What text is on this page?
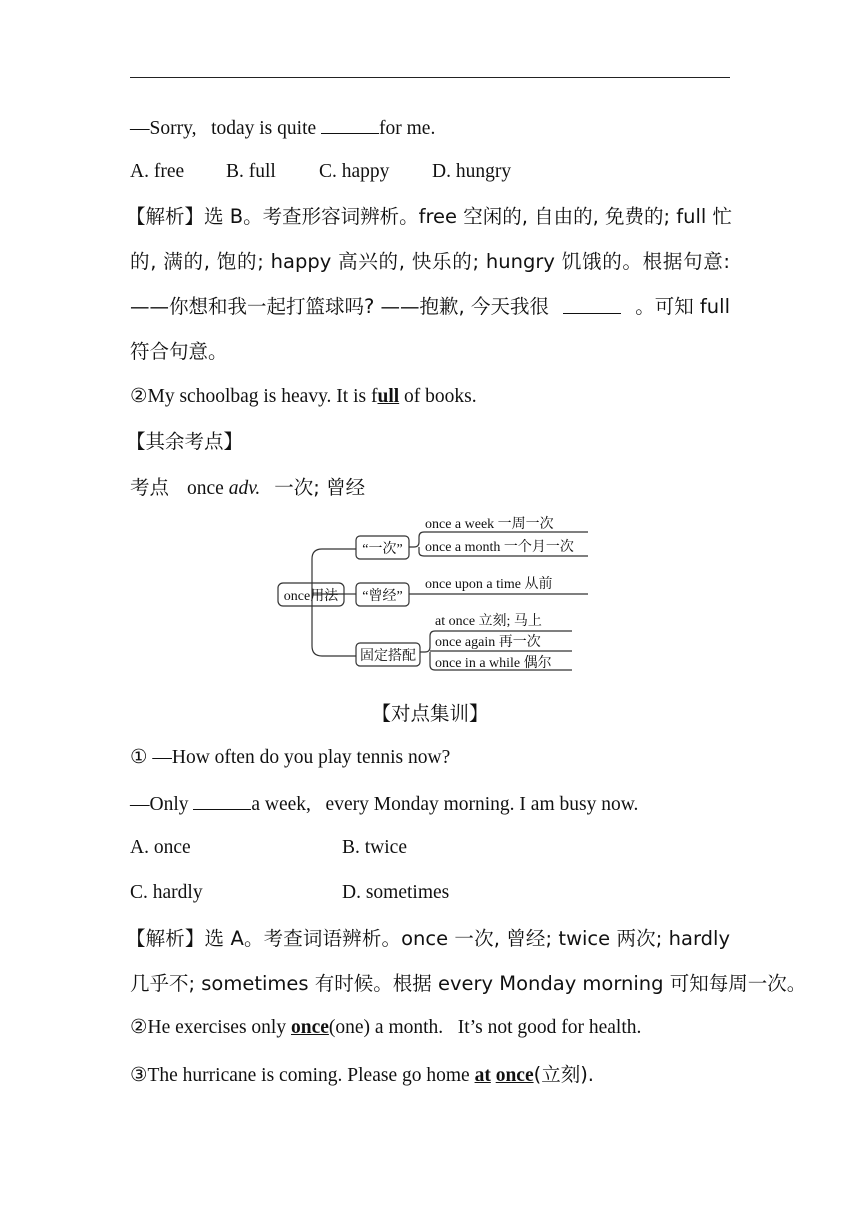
—Sorry,   today is quite	for me.
A. free B. full C. happy D. hungry
【解析】选 B。考查形容词辨析。free 空闲的, 自由的, 免费的; full 忙
的, 满的, 饱的; happy 高兴的, 快乐的; hungry 饥饿的。根据句意:
——你想和我一起打篮球吗? ——抱歉, 今天我很	。可知 full
符合句意。
②My schoolbag is heavy. It is full of books.
【其余考点】
考点 once adv. 一次; 曾经
once用法
“一次”
“曾经”
固定搭配
once a week 一周一次
once a month 一个月一次
once upon a time 从前
at once 立刻; 马上
once again 再一次
once in a while 偶尔
【对点集训】
① —How often do you play tennis now?
—Only	a week,   every Monday morning. I am busy now.
A. once	B. twice
C. hardly	D. sometimes
【解析】选 A。考查词语辨析。once 一次, 曾经; twice 两次; hardly
几乎不; sometimes 有时候。根据 every Monday morning 可知每周一次。
②He exercises only once(one) a month.   It’s not good for health.
③The hurricane is coming. Please go home at once(立刻).
